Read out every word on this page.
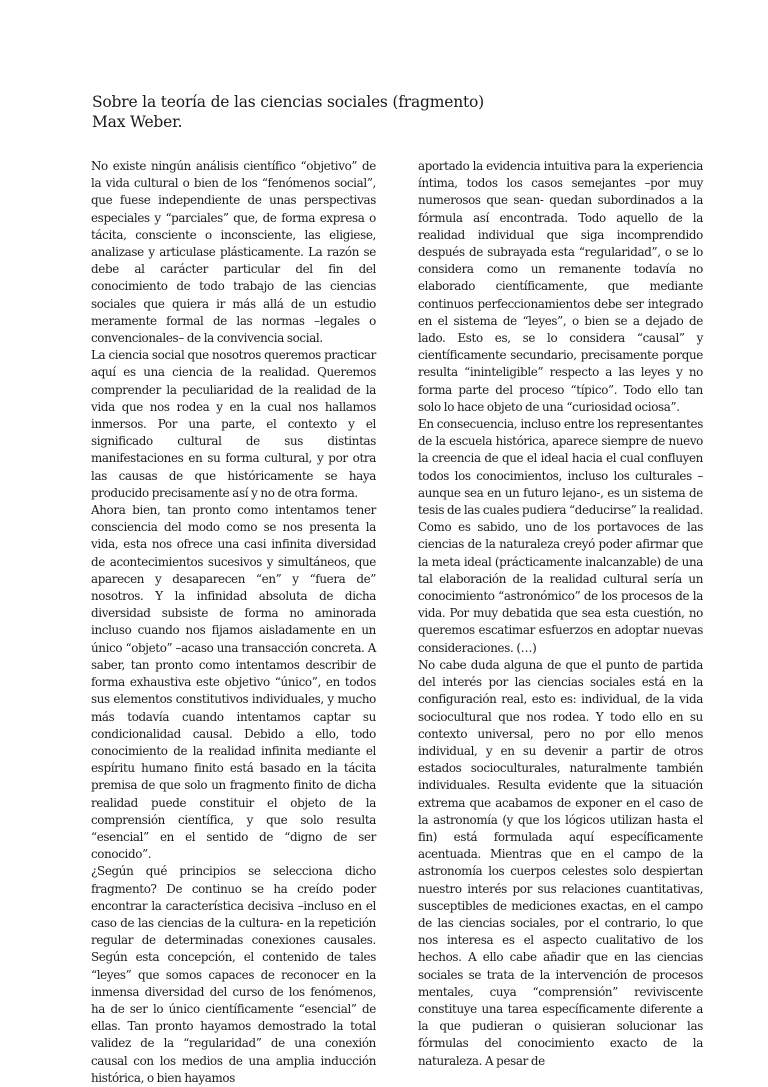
Sobre la teoría de las ciencias sociales (fragmento)
Max Weber.

No existe ningún análisis científico “objetivo” de la vida cultural o bien de los “fenómenos social”, que fuese independiente de unas perspectivas especiales y “parciales” que, de forma expresa o tácita, consciente o inconsciente, las eligiese, analizase y articulase plásticamente. La razón se debe al carácter particular del fin del conocimiento de todo trabajo de las ciencias sociales que quiera ir más allá de un estudio meramente formal de las normas –legales o convencionales– de la convivencia social.

La ciencia social que nosotros queremos practicar aquí es una ciencia de la realidad. Queremos comprender la peculiaridad de la realidad de la vida que nos rodea y en la cual nos hallamos inmersos. Por una parte, el contexto y el significado cultural de sus distintas manifestaciones en su forma cultural, y por otra las causas de que históricamente se haya producido precisamente así y no de otra forma.

Ahora bien, tan pronto como intentamos tener consciencia del modo como se nos presenta la vida, esta nos ofrece una casi infinita diversidad de acontecimientos sucesivos y simultáneos, que aparecen y desaparecen “en” y “fuera de” nosotros. Y la infinidad absoluta de dicha diversidad subsiste de forma no aminorada incluso cuando nos fijamos aisladamente en un único “objeto” –acaso una transacción concreta. A saber, tan pronto como intentamos describir de forma exhaustiva este objetivo “único”, en todos sus elementos constitutivos individuales, y mucho más todavía cuando intentamos captar su condicionalidad causal. Debido a ello, todo conocimiento de la realidad infinita mediante el espíritu humano finito está basado en la tácita premisa de que solo un fragmento finito de dicha realidad puede constituir el objeto de la comprensión científica, y que solo resulta “esencial” en el sentido de “digno de ser conocido”.

¿Según qué principios se selecciona dicho fragmento? De continuo se ha creído poder encontrar la característica decisiva –incluso en el caso de las ciencias de la cultura- en la repetición regular de determinadas conexiones causales. Según esta concepción, el contenido de tales “leyes” que somos capaces de reconocer en la inmensa diversidad del curso de los fenómenos, ha de ser lo único científicamente “esencial” de ellas. Tan pronto hayamos demostrado la total validez de la “regularidad” de una conexión causal con los medios de una amplia inducción histórica, o bien hayamos

aportado la evidencia intuitiva para la experiencia íntima, todos los casos semejantes –por muy numerosos que sean- quedan subordinados a la fórmula así encontrada. Todo aquello de la realidad individual que siga incomprendido después de subrayada esta “regularidad”, o se lo considera como un remanente todavía no elaborado científicamente, que mediante continuos perfeccionamientos debe ser integrado en el sistema de “leyes”, o bien se a dejado de lado. Esto es, se lo considera “causal” y científicamente secundario, precisamente porque resulta “ininteligible” respecto a las leyes y no forma parte del proceso “típico”. Todo ello tan solo lo hace objeto de una “curiosidad ociosa”.

En consecuencia, incluso entre los representantes de la escuela histórica, aparece siempre de nuevo la creencia de que el ideal hacia el cual confluyen todos los conocimientos, incluso los culturales –aunque sea en un futuro lejano-, es un sistema de tesis de las cuales pudiera “deducirse” la realidad. Como es sabido, uno de los portavoces de las ciencias de la naturaleza creyó poder afirmar que la meta ideal (prácticamente inalcanzable) de una tal elaboración de la realidad cultural sería un conocimiento “astronómico” de los procesos de la vida. Por muy debatida que sea esta cuestión, no queremos escatimar esfuerzos en adoptar nuevas consideraciones. (…)

No cabe duda alguna de que el punto de partida del interés por las ciencias sociales está en la configuración real, esto es: individual, de la vida sociocultural que nos rodea. Y todo ello en su contexto universal, pero no por ello menos individual, y en su devenir a partir de otros estados socioculturales, naturalmente también individuales. Resulta evidente que la situación extrema que acabamos de exponer en el caso de la astronomía (y que los lógicos utilizan hasta el fin) está formulada aquí específicamente acentuada. Mientras que en el campo de la astronomía los cuerpos celestes solo despiertan nuestro interés por sus relaciones cuantitativas, susceptibles de mediciones exactas, en el campo de las ciencias sociales, por el contrario, lo que nos interesa es el aspecto cualitativo de los hechos. A ello cabe añadir que en las ciencias sociales se trata de la intervención de procesos mentales, cuya “comprensión” reviviscente constituye una tarea específicamente diferente a la que pudieran o quisieran solucionar las fórmulas del conocimiento exacto de la naturaleza. A pesar de
